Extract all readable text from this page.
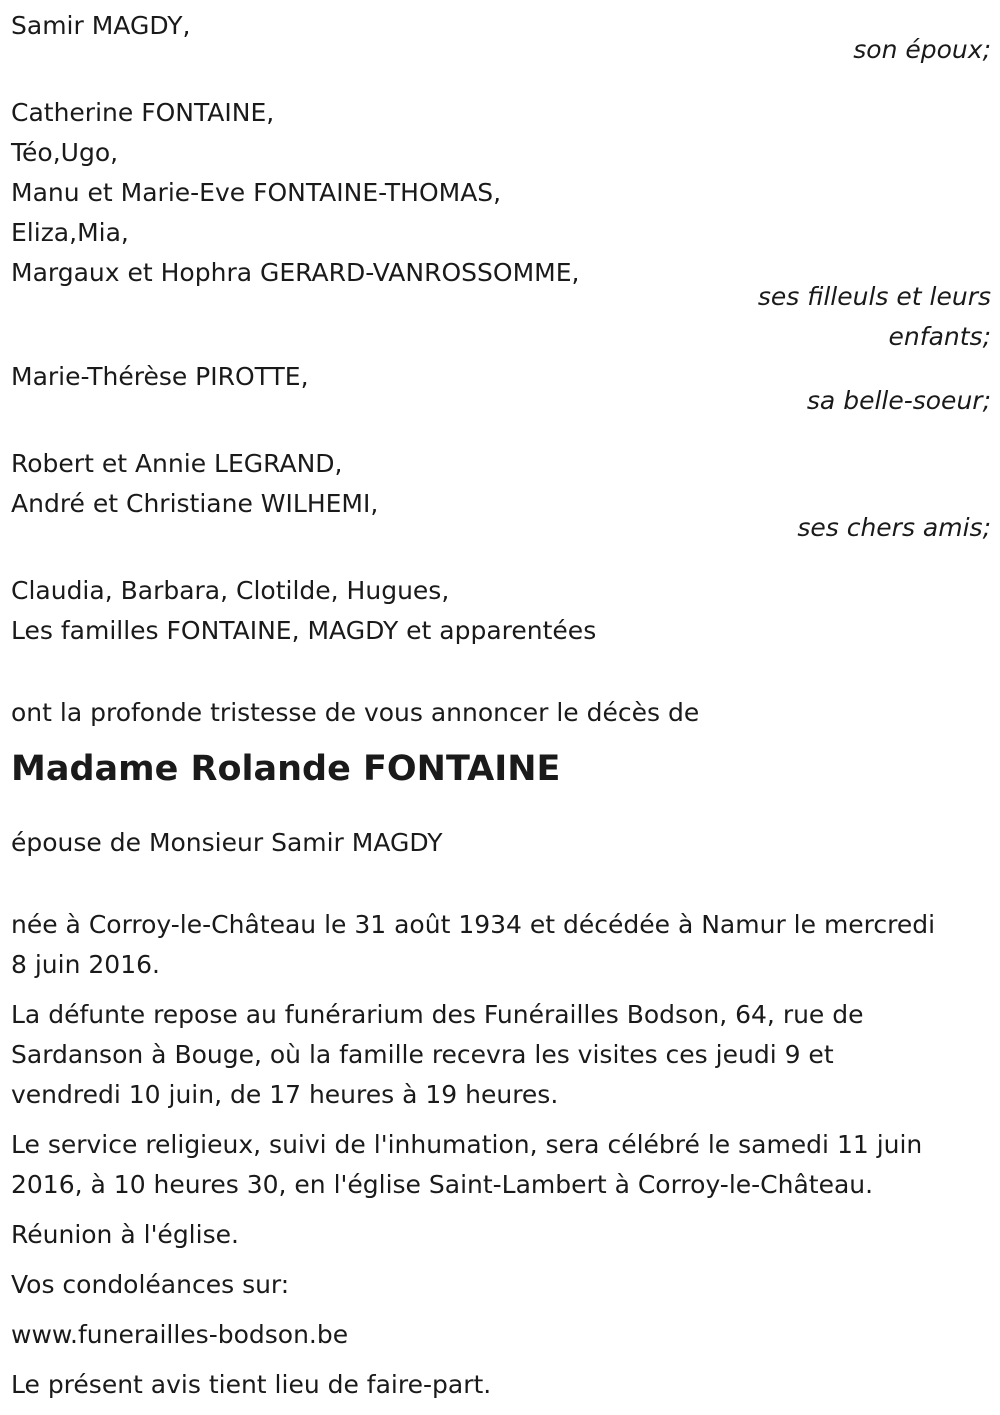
Samir MAGDY,
son époux;
Catherine FONTAINE,
Téo,Ugo,
Manu et Marie-Eve FONTAINE-THOMAS,
Eliza,Mia,
Margaux et Hophra GERARD-VANROSSOMME,
ses filleuls et leurs
enfants;
Marie-Thérèse PIROTTE,
sa belle-soeur;
Robert et Annie LEGRAND,
André et Christiane WILHEMI,
ses chers amis;
Claudia, Barbara, Clotilde, Hugues,
Les familles FONTAINE, MAGDY et apparentées
ont la profonde tristesse de vous annoncer le décès de
Madame Rolande FONTAINE
épouse de Monsieur Samir MAGDY
née à Corroy-le-Château le 31 août 1934 et décédée à Namur le mercredi
8 juin 2016.
La défunte repose au funérarium des Funérailles Bodson, 64, rue de
Sardanson à Bouge, où la famille recevra les visites ces jeudi 9 et
vendredi 10 juin, de 17 heures à 19 heures.
Le service religieux, suivi de l'inhumation, sera célébré le samedi 11 juin
2016, à 10 heures 30, en l'église Saint-Lambert à Corroy-le-Château.
Réunion à l'église.
Vos condoléances sur:
www.funerailles-bodson.be
Le présent avis tient lieu de faire-part.
